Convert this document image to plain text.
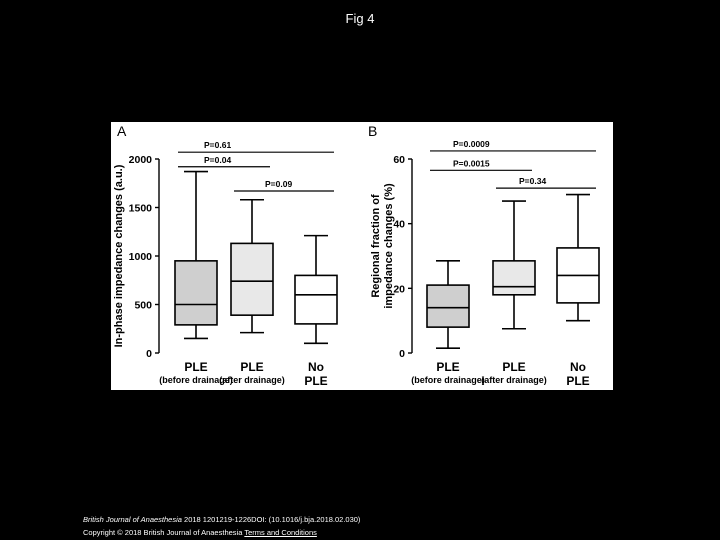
Fig 4
A
0
500
1000
1500
2000
In-phase impedance changes (a.u.)
PLE
(before drainage)
PLE
(after drainage)
No
PLE
P=0.61
P=0.04
P=0.09
B
0
20
40
60
Regional fraction of impedance changes (%)
PLE
(before drainage)
PLE
(after drainage)
No
PLE
P=0.0009
P=0.0015
P=0.34
British Journal of Anaesthesia 2018 1201219-1226DOI: (10.1016/j.bja.2018.02.030)
Copyright © 2018 British Journal of Anaesthesia Terms and Conditions
